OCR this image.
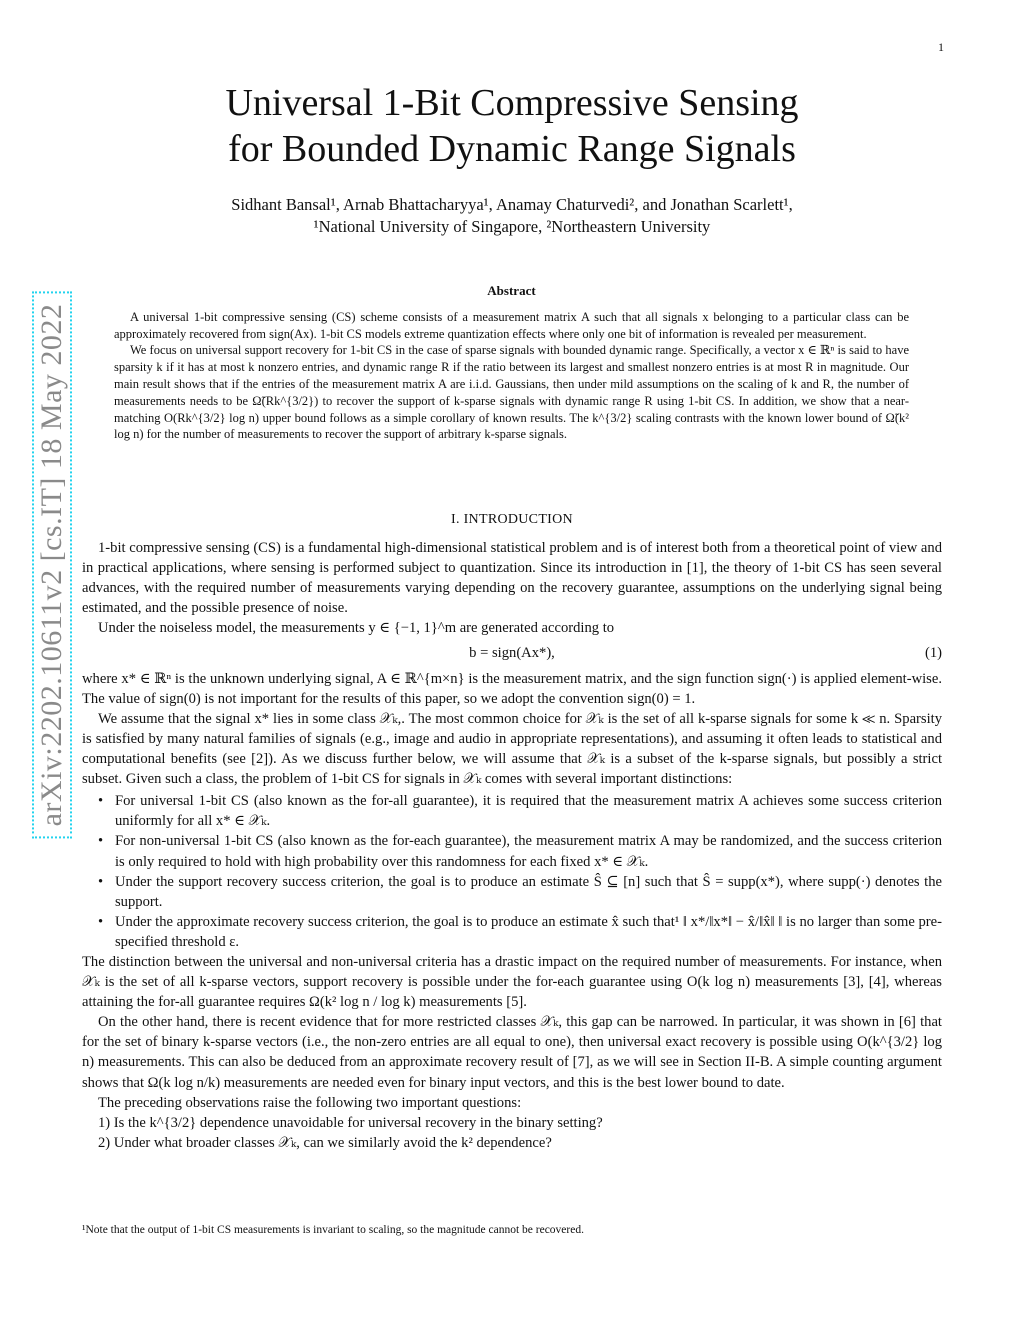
1
arXiv:2202.10611v2 [cs.IT] 18 May 2022
Universal 1-Bit Compressive Sensing
for Bounded Dynamic Range Signals
Sidhant Bansal¹, Arnab Bhattacharyya¹, Anamay Chaturvedi², and Jonathan Scarlett¹,
¹National University of Singapore, ²Northeastern University
Abstract

A universal 1-bit compressive sensing (CS) scheme consists of a measurement matrix A such that all signals x belonging to a particular class can be approximately recovered from sign(Ax). 1-bit CS models extreme quantization effects where only one bit of information is revealed per measurement.

We focus on universal support recovery for 1-bit CS in the case of sparse signals with bounded dynamic range. Specifically, a vector x ∈ ℝⁿ is said to have sparsity k if it has at most k nonzero entries, and dynamic range R if the ratio between its largest and smallest nonzero entries is at most R in magnitude. Our main result shows that if the entries of the measurement matrix A are i.i.d. Gaussians, then under mild assumptions on the scaling of k and R, the number of measurements needs to be Ω̃(Rk^{3/2}) to recover the support of k-sparse signals with dynamic range R using 1-bit CS. In addition, we show that a near-matching O(Rk^{3/2} log n) upper bound follows as a simple corollary of known results. The k^{3/2} scaling contrasts with the known lower bound of Ω̃(k² log n) for the number of measurements to recover the support of arbitrary k-sparse signals.

I. INTRODUCTION

1-bit compressive sensing (CS) is a fundamental high-dimensional statistical problem and is of interest both from a theoretical point of view and in practical applications, where sensing is performed subject to quantization. Since its introduction in [1], the theory of 1-bit CS has seen several advances, with the required number of measurements varying depending on the recovery guarantee, assumptions on the underlying signal being estimated, and the possible presence of noise.

Under the noiseless model, the measurements y ∈ {−1, 1}^m are generated according to

b = sign(Ax*),	(1)

where x* ∈ ℝⁿ is the unknown underlying signal, A ∈ ℝ^{m×n} is the measurement matrix, and the sign function sign(·) is applied element-wise. The value of sign(0) is not important for the results of this paper, so we adopt the convention sign(0) = 1.

We assume that the signal x* lies in some class 𝒳ₖ,. The most common choice for 𝒳ₖ is the set of all k-sparse signals for some k ≪ n. Sparsity is satisfied by many natural families of signals (e.g., image and audio in appropriate representations), and assuming it often leads to statistical and computational benefits (see [2]). As we discuss further below, we will assume that 𝒳ₖ is a subset of the k-sparse signals, but possibly a strict subset. Given such a class, the problem of 1-bit CS for signals in 𝒳ₖ comes with several important distinctions:

• For universal 1-bit CS (also known as the for-all guarantee), it is required that the measurement matrix A achieves some success criterion uniformly for all x* ∈ 𝒳ₖ.
• For non-universal 1-bit CS (also known as the for-each guarantee), the measurement matrix A may be randomized, and the success criterion is only required to hold with high probability over this randomness for each fixed x* ∈ 𝒳ₖ.
• Under the support recovery success criterion, the goal is to produce an estimate Ŝ ⊆ [n] such that Ŝ = supp(x*), where supp(·) denotes the support.
• Under the approximate recovery success criterion, the goal is to produce an estimate x̂ such that¹ ‖ x*/‖x*‖ − x̂/‖x̂‖ ‖ is no larger than some pre-specified threshold ε.

The distinction between the universal and non-universal criteria has a drastic impact on the required number of measurements. For instance, when 𝒳ₖ is the set of all k-sparse vectors, support recovery is possible under the for-each guarantee using O(k log n) measurements [3], [4], whereas attaining the for-all guarantee requires Ω(k² log n / log k) measurements [5].

On the other hand, there is recent evidence that for more restricted classes 𝒳ₖ, this gap can be narrowed. In particular, it was shown in [6] that for the set of binary k-sparse vectors (i.e., the non-zero entries are all equal to one), then universal exact recovery is possible using O(k^{3/2} log n) measurements. This can also be deduced from an approximate recovery result of [7], as we will see in Section II-B. A simple counting argument shows that Ω(k log n/k) measurements are needed even for binary input vectors, and this is the best lower bound to date.

The preceding observations raise the following two important questions:

1) Is the k^{3/2} dependence unavoidable for universal recovery in the binary setting?
2) Under what broader classes 𝒳ₖ, can we similarly avoid the k² dependence?
¹Note that the output of 1-bit CS measurements is invariant to scaling, so the magnitude cannot be recovered.
